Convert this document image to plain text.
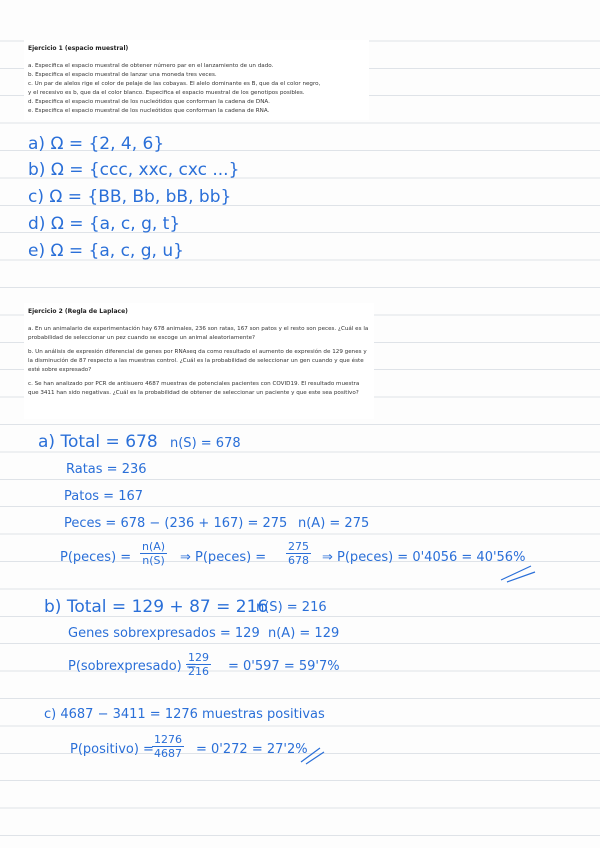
Ejercicio 1 (espacio muestral)

a. Especifica el espacio muestral de obtener número par en el lanzamiento de un dado.

b. Especifica el espacio muestral de lanzar una moneda tres veces.

c. Un par de alelos rige el color de pelaje de las cobayas. El alelo dominante es B, que da el color negro,

y el recesivo es b, que da el color blanco. Especifica el espacio muestral de los genotipos posibles.

d. Especifica el espacio muestral de los nucleótidos que conforman la cadena de DNA.

e. Especifica el espacio muestral de los nucleótidos que conforman la cadena de RNA.

a) Ω = {2, 4, 6}
b) Ω = {ccc, xxc, cxc ...}
c) Ω = {BB, Bb, bB, bb}
d) Ω = {a, c, g, t}
e) Ω = {a, c, g, u}
Ejercicio 2 (Regla de Laplace)

a. En un animalario de experimentación hay 678 animales, 236 son ratas, 167 son patos y el resto son peces. ¿Cuál es la probabilidad de seleccionar un pez cuando se escoge un animal aleatoriamente?

b. Un análisis de expresión diferencial de genes por RNAseq da como resultado el aumento de expresión de 129 genes y la disminución de 87 respecto a las muestras control. ¿Cuál es la probabilidad de seleccionar un gen cuando y que éste esté sobre expresado?

c. Se han analizado por PCR de antisuero 4687 muestras de potenciales pacientes con COVID19. El resultado muestra que 3411 han sido negativas. ¿Cuál es la probabilidad de obtener de seleccionar un paciente y que este sea positivo?

a) Total = 678 n(S) = 678
Ratas = 236
Patos = 167
Peces = 678 − (236 + 167) = 275 n(A) = 275
P(peces) = $\frac{n(A)}{n(S)}$ ⇒ P(peces) = $\frac{275}{678}$ ⇒ P(peces) = 0'4056 = 40'56%
b) Total = 129 + 87 = 216
n(S) = 216
Genes sobrexpresados = 129 n(A) = 129
P(sobrexpresado) =
$\frac{129}{216} = 0'597 = 59'7\%$
c) 4687 − 3411 = 1276 muestras positivas
P(positivo) =
$\frac{1276}{4687} = 0'272 = 27'2\%$
